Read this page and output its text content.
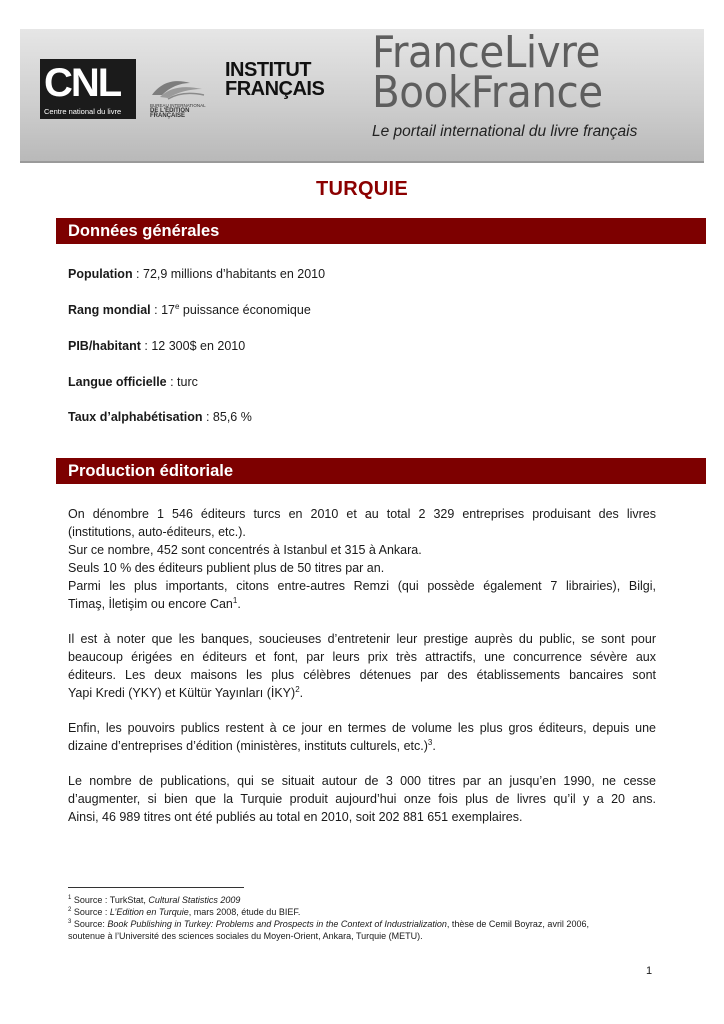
CNL
Centre national du livre
BUREAU INTERNATIONAL
DE L'ÉDITION
FRANÇAISE
INSTITUT
FRANÇAIS
FranceLivre
BookFrance
Le portail international du livre français
TURQUIE
Données générales
Population : 72,9 millions d’habitants en 2010
Rang mondial : 17e puissance économique
PIB/habitant : 12 300$ en 2010
Langue officielle : turc
Taux d’alphabétisation : 85,6 %
Production éditoriale
On dénombre 1 546 éditeurs turcs en 2010 et au total 2 329 entreprises produisant des livres
(institutions, auto-éditeurs, etc.).
Sur ce nombre, 452 sont concentrés à Istanbul et 315 à Ankara.
Seuls 10 % des éditeurs publient plus de 50 titres par an.
Parmi les plus importants, citons entre-autres Remzi (qui possède également 7 librairies), Bilgi,
Timaş, İletişim ou encore Can$^1$.
Il est à noter que les banques, soucieuses d’entretenir leur prestige auprès du public, se sont pour
beaucoup érigées en éditeurs et font, par leurs prix très attractifs, une concurrence sévère aux
éditeurs. Les deux maisons les plus célèbres détenues par des établissements bancaires sont
Yapi Kredi (YKY) et Kültür Yayınları (İKY)$^2$.
Enfin, les pouvoirs publics restent à ce jour en termes de volume les plus gros éditeurs, depuis une
dizaine d’entreprises d’édition (ministères, instituts culturels, etc.)$^3$.
Le nombre de publications, qui se situait autour de 3 000 titres par an jusqu’en 1990, ne cesse
d’augmenter, si bien que la Turquie produit aujourd’hui onze fois plus de livres qu’il y a 20 ans.
Ainsi, 46 989 titres ont été publiés au total en 2010, soit 202 881 651 exemplaires.
$^1$ Source : TurkStat, Cultural Statistics 2009
$^2$ Source : L’Edition en Turquie, mars 2008, étude du BIEF.
$^3$ Source: Book Publishing in Turkey: Problems and Prospects in the Context of Industrialization, thèse de Cemil Boyraz, avril 2006,
soutenue à l’Université des sciences sociales du Moyen-Orient, Ankara, Turquie (METU).
1
